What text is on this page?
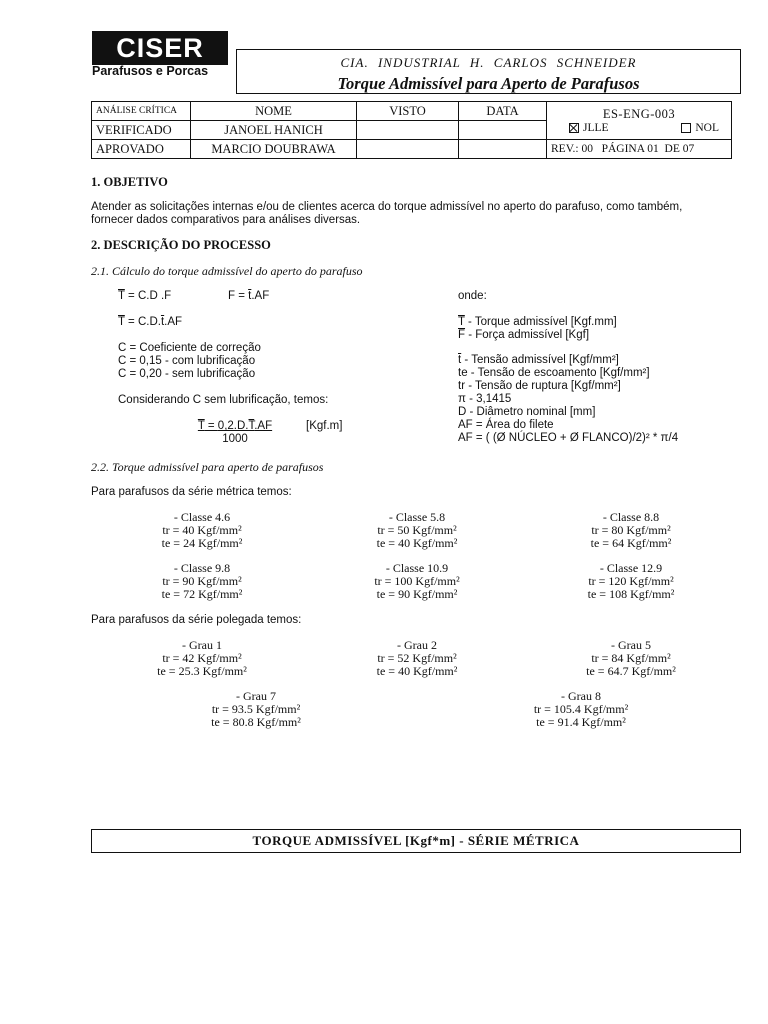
CISER
Parafusos e Porcas
CIA. INDUSTRIAL H. CARLOS SCHNEIDER
Torque Admissível para Aperto de Parafusos
ANÁLISE CRÍTICA	NOME	VISTO	DATA	ES-ENG-003
JLLE NOL

VERIFICADO	JANOEL HANICH			
APROVADO	MARCIO DOUBRAWA			REV.: 00 PÁGINA 01 DE 07
1. OBJETIVO
Atender as solicitações internas e/ou de clientes acerca do torque admissível no aperto do parafuso, como também,
fornecer dados comparativos para análises diversas.
2. DESCRIÇÃO DO PROCESSO
2.1. Cálculo do torque admissível do aperto do parafuso
$\overline{T} = C.D$ .F	$F = \overline{t}.AF$
$\overline{T} = C.D.\overline{t}.AF$
C = Coeficiente de correção
C = 0,15 - com lubrificação
C = 0,20 - sem lubrificação
Considerando C sem lubrificação, temos:
$\frac{T = 0,2.D.T.AF}{1000} [Kgf.m]$
onde:
$\overline{T}$ - Torque admissível [Kgf.mm]
$\overline{F}$ - Força admissível [Kgf]
$\overline{t}$ - Tensão admissível [Kgf/mm²]
te - Tensão de escoamento [Kgf/mm²]
tr - Tensão de ruptura [Kgf/mm²]
π - 3,1415
D - Diâmetro nominal [mm]
AF = Área do filete
AF = ( (Ø NÚCLEO + Ø FLANCO)/2)² * π/4
2.2. Torque admissível para aperto de parafusos
Para parafusos da série métrica temos:
- Classe 4.6
tr = 40 Kgf/mm²
te = 24 Kgf/mm²
- Classe 5.8
tr = 50 Kgf/mm²
te = 40 Kgf/mm²
- Classe 8.8
tr = 80 Kgf/mm²
te = 64 Kgf/mm²
- Classe 9.8
tr = 90 Kgf/mm²
te = 72 Kgf/mm²
- Classe 10.9
tr = 100 Kgf/mm²
te = 90 Kgf/mm²
- Classe 12.9
tr = 120 Kgf/mm²
te = 108 Kgf/mm²
Para parafusos da série polegada temos:
- Grau 1
tr = 42 Kgf/mm²
te = 25.3 Kgf/mm²
- Grau 2
tr = 52 Kgf/mm²
te = 40 Kgf/mm²
- Grau 5
tr = 84 Kgf/mm²
te = 64.7 Kgf/mm²
- Grau 7
tr = 93.5 Kgf/mm²
te = 80.8 Kgf/mm²
- Grau 8
tr = 105.4 Kgf/mm²
te = 91.4 Kgf/mm²
TORQUE ADMISSÍVEL [Kgf*m] - SÉRIE MÉTRICA
